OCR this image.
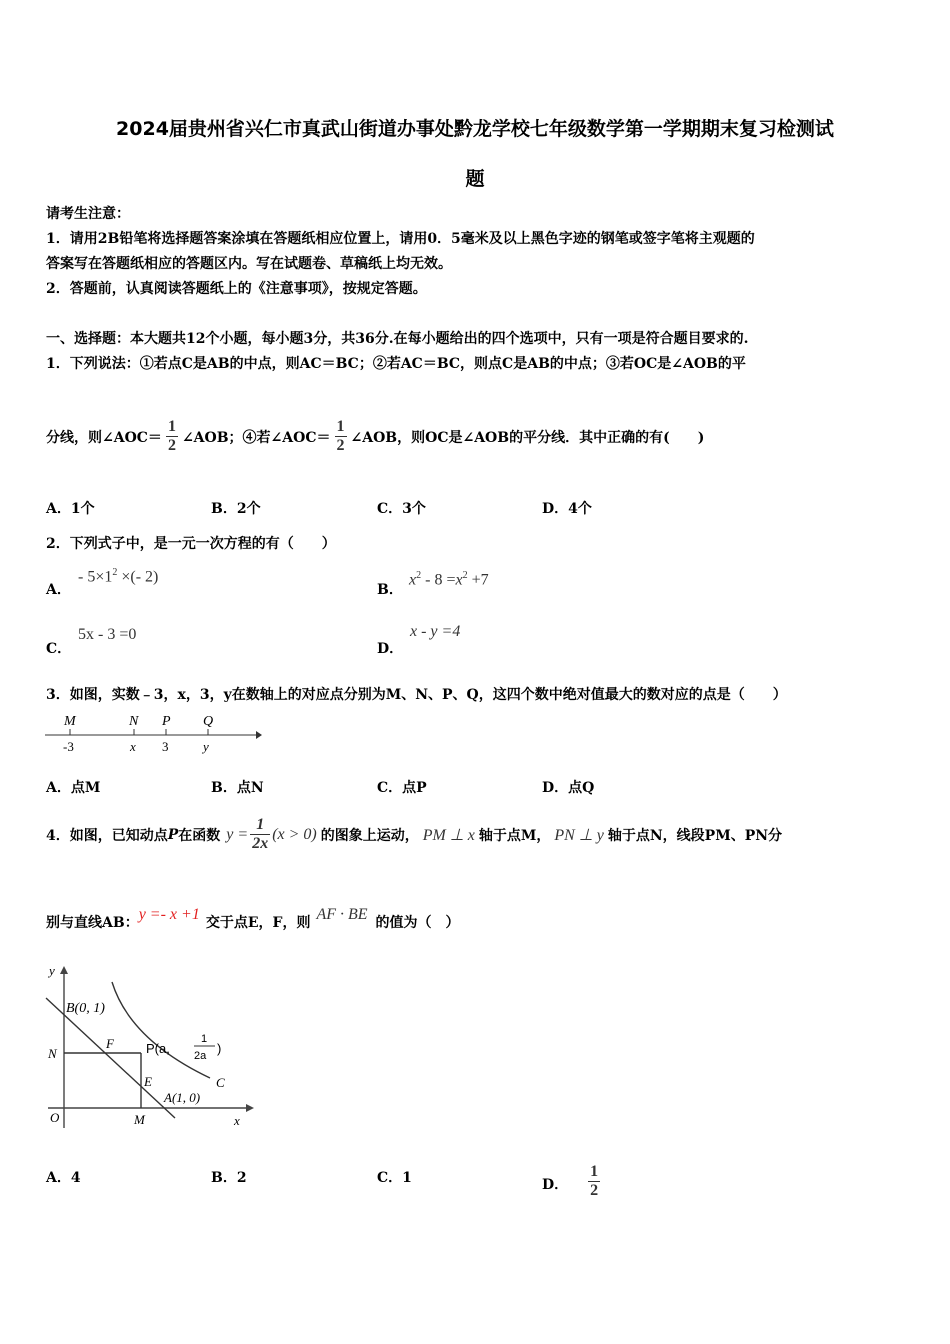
2024届贵州省兴仁市真武山街道办事处黔龙学校七年级数学第一学期期末复习检测试
题
请考生注意：
1．请用2B铅笔将选择题答案涂填在答题纸相应位置上，请用0．5毫米及以上黑色字迹的钢笔或签字笔将主观题的
答案写在答题纸相应的答题区内。写在试题卷、草稿纸上均无效。
2．答题前，认真阅读答题纸上的《注意事项》，按规定答题。
一、选择题：本大题共12个小题，每小题3分，共36分.在每小题给出的四个选项中，只有一项是符合题目要求的.
1．下列说法：①若点C是AB的中点，则AC＝BC；②若AC＝BC，则点C是AB的中点；③若OC是∠AOB的平
分线，则∠AOC＝ $\frac{1}{2}$ ∠AOB；④若∠AOC＝ $\frac{1}{2}$ ∠AOB，则OC是∠AOB的平分线．其中正确的有(　　)
A．1个	B．2个	C．3个	D．4个
2．下列式子中，是一元一次方程的有（　　）
A．
- $5\times 1^2$ ×(- 2)
B．
$x^2 - 8 =x^2 +7$
C．
5x - 3 =0
D．
x - y =4
3．如图，实数﹣3，x，3，y在数轴上的对应点分别为M、N、P、Q，这四个数中绝对值最大的数对应的点是（　　）
M	N P Q
-3	x 3	y
A．点M	B．点N	C．点P	D．点Q
4．如图，已知动点 P 在函数 $y = \frac{1}{2x} (x > 0)$ 的图象上运动， PM ⊥ x 轴于点M， PN ⊥ y 轴于点N，线段PM、PN分
别与直线AB： y =- x +1 交于点E，F，则 AF · BE 的值为（　）
y
x
O
B(0, 1)
N
F P(a,
1
2a )
E	C
A(1, 0)
M
A．4	B．2	C．1	D． $\frac{1}{2}$
